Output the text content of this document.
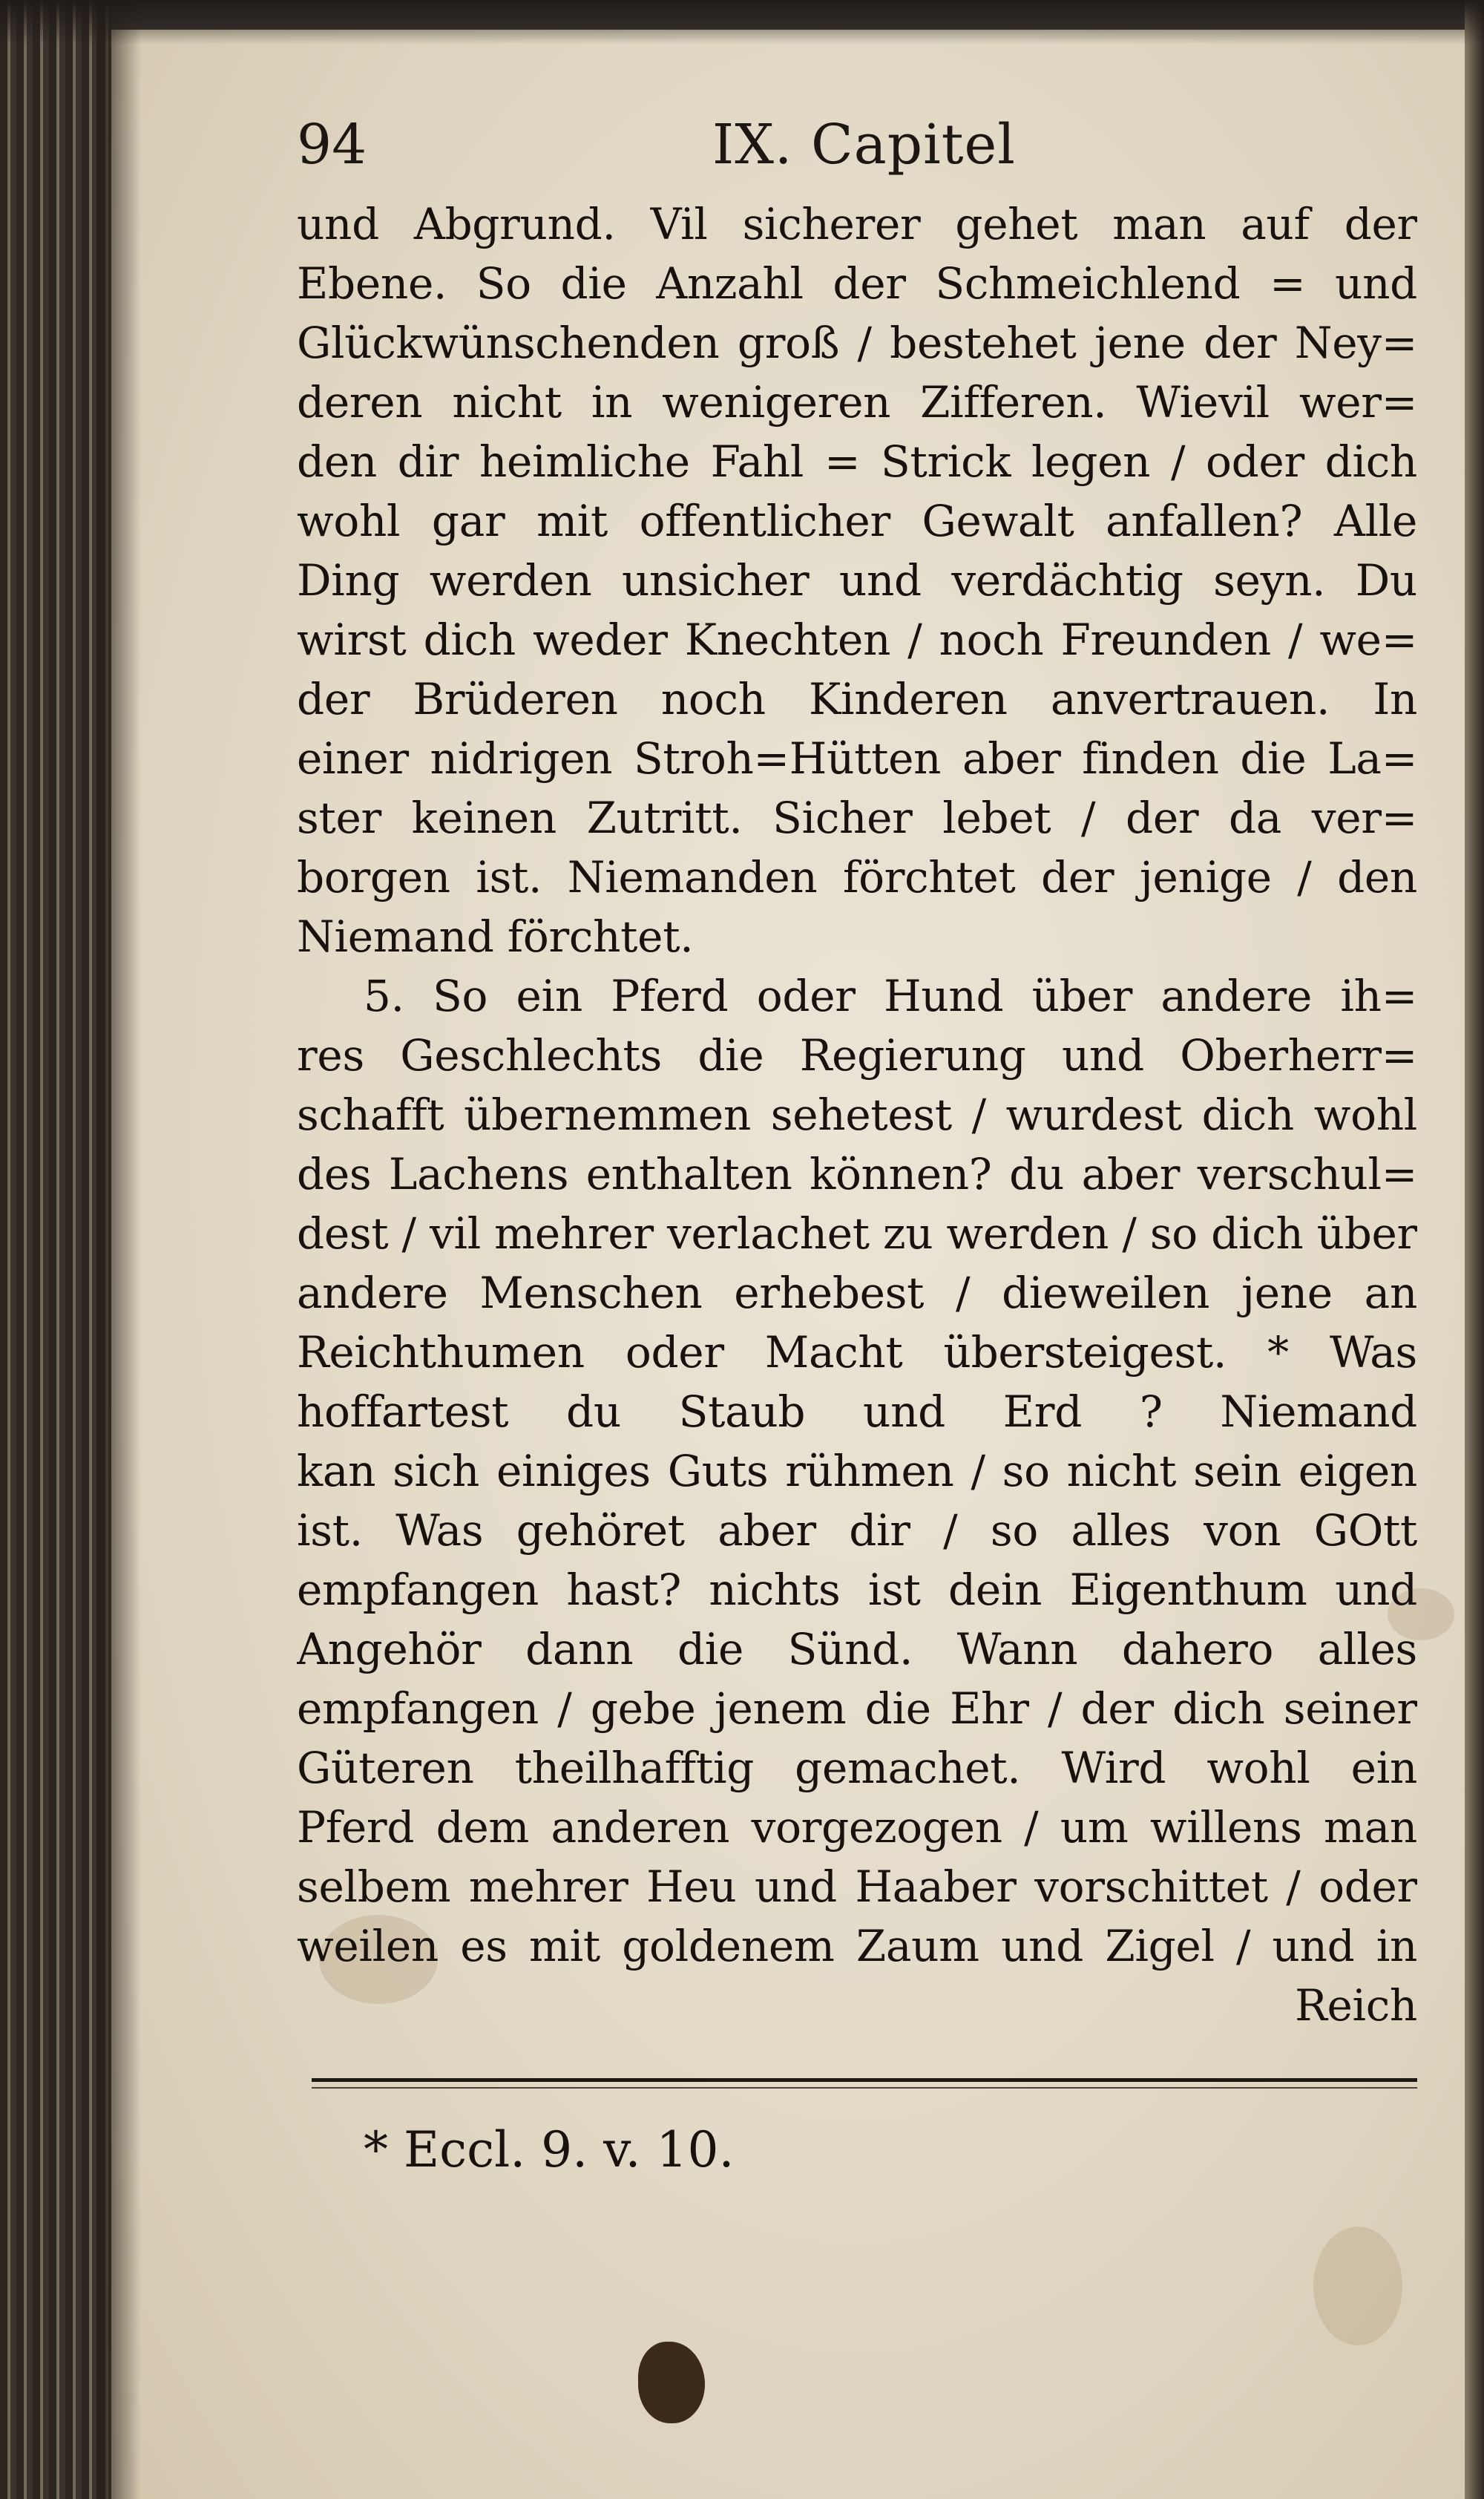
94	IX. Capitel
und Abgrund. Vil sicherer gehet man auf der
Ebene. So die Anzahl der Schmeichlend = und
Glückwünschenden groß / bestehet jene der Ney=
deren nicht in wenigeren Zifferen. Wievil wer=
den dir heimliche Fahl = Strick legen / oder dich
wohl gar mit offentlicher Gewalt anfallen? Alle
Ding werden unsicher und verdächtig seyn. Du
wirst dich weder Knechten / noch Freunden / we=
der Brüderen noch Kinderen anvertrauen. In
einer nidrigen Stroh=Hütten aber finden die La=
ster keinen Zutritt. Sicher lebet / der da ver=
borgen ist. Niemanden förchtet der jenige / den
Niemand förchtet.
5. So ein Pferd oder Hund über andere ih=
res Geschlechts die Regierung und Oberherr=
schafft übernemmen sehetest / wurdest dich wohl
des Lachens enthalten können? du aber verschul=
dest / vil mehrer verlachet zu werden / so dich über
andere Menschen erhebest / dieweilen jene an
Reichthumen oder Macht übersteigest. * Was
hoffartest du Staub und Erd ? Niemand
kan sich einiges Guts rühmen / so nicht sein eigen
ist. Was gehöret aber dir / so alles von GOtt
empfangen hast? nichts ist dein Eigenthum und
Angehör dann die Sünd. Wann dahero alles
empfangen / gebe jenem die Ehr / der dich seiner
Güteren theilhafftig gemachet. Wird wohl ein
Pferd dem anderen vorgezogen / um willens man
selbem mehrer Heu und Haaber vorschittet / oder
weilen es mit goldenem Zaum und Zigel / und in
Reich
* Eccl. 9. v. 10.
